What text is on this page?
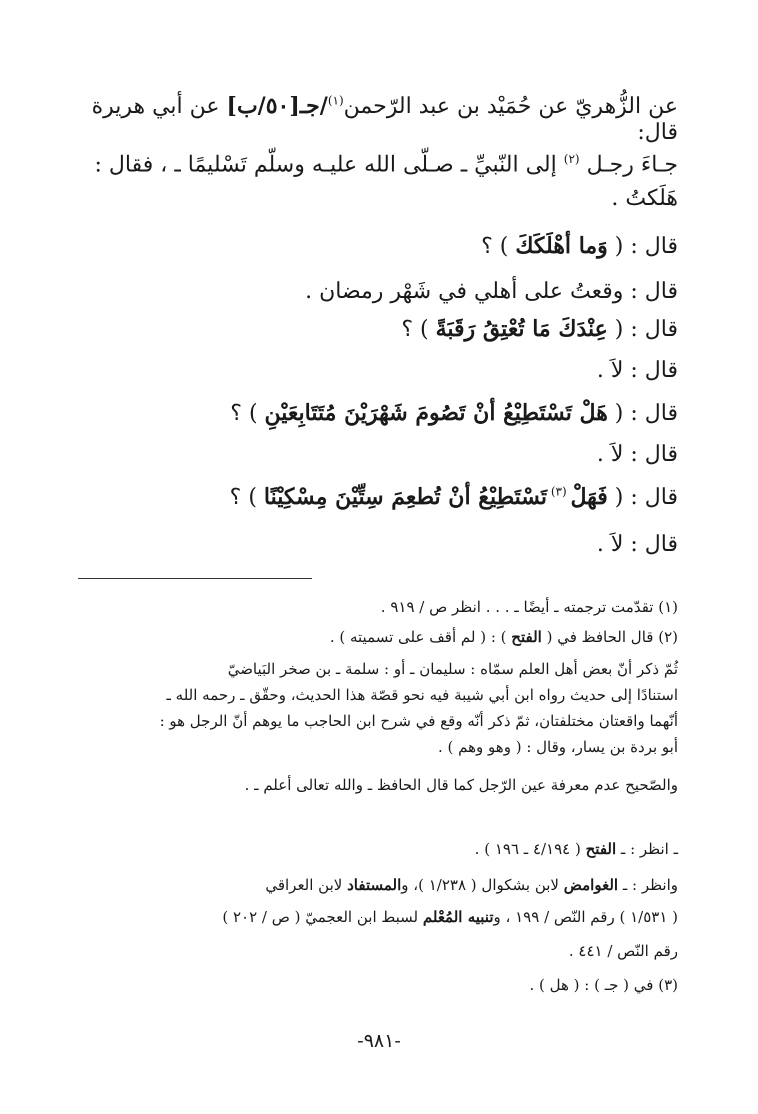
عن الزُّهريّ عن حُمَيْد بن عبد الرّحمن$^{(١)}$/جـ[٥٠/ب] عن أبي هريرة قال:
جـاءَ رجـل $^{(٢)}$ إلى النّبيِّ ـ صـلّى الله عليـه وسلّم تَسْليمًا ـ ، فقال :
هَلَكتُ .
قال : ( وَما أهْلَكَكَ ) ؟
قال : وقعتُ على أهلي في شَهْر رمضان .
قال : ( عِنْدَكَ مَا تُعْتِقُ رَقَبَةً ) ؟
قال : لاَ .
قال : ( هَلْ تَسْتَطِيْعُ أنْ تَصُومَ شَهْرَيْنَ مُتَتَابِعَيْنِ ) ؟
قال : لاَ .
قال : ( فَهَلْ $^{(٣)}$ تَسْتَطِيْعُ أنْ تُطعِمَ سِتِّيْنَ مِسْكِيْنًا ) ؟
قال : لاَ .
(١) تقدّمت ترجمته ـ أيضًا ـ . . . انظر ص / ٩١٩ .
(٢) قال الحافظ في ( الفتح ) : ( لم أقف على تسميته ) .
ثُمّ ذكر أنّ بعض أهل العلم سمّاه : سليمان ـ أو : سلمة ـ بن صخر البَياضيّ
استنادًا إلى حديث رواه ابن أبي شيبة فيه نحو قصّة هذا الحديث، وحقّق ـ رحمه الله ـ
أنّهما واقعتان مختلفتان، ثمّ ذكر أنّه وقع في شرح ابن الحاجب ما يوهم أنّ الرجل هو :
أبو بردة بن يسار، وقال : ( وهو وهم ) .
والصّحيح عدم معرفة عين الرّجل كما قال الحافظ ـ والله تعالى أعلم ـ .
ـ انظر : ـ الفتح ( ٤/١٩٤ ـ ١٩٦ ) .
وانظر : ـ الغوامض لابن بشكوال ( ١/٢٣٨ )، والمستفاد لابن العراقي
( ١/٥٣١ ) رقم النّص / ١٩٩ ، وتنبيه المُعْلم لسبط ابن العجميّ ( ص / ٢٠٢ )
رقم النّص / ٤٤١ .
(٣) في ( جـ ) : ( هل ) .
-٩٨١-
